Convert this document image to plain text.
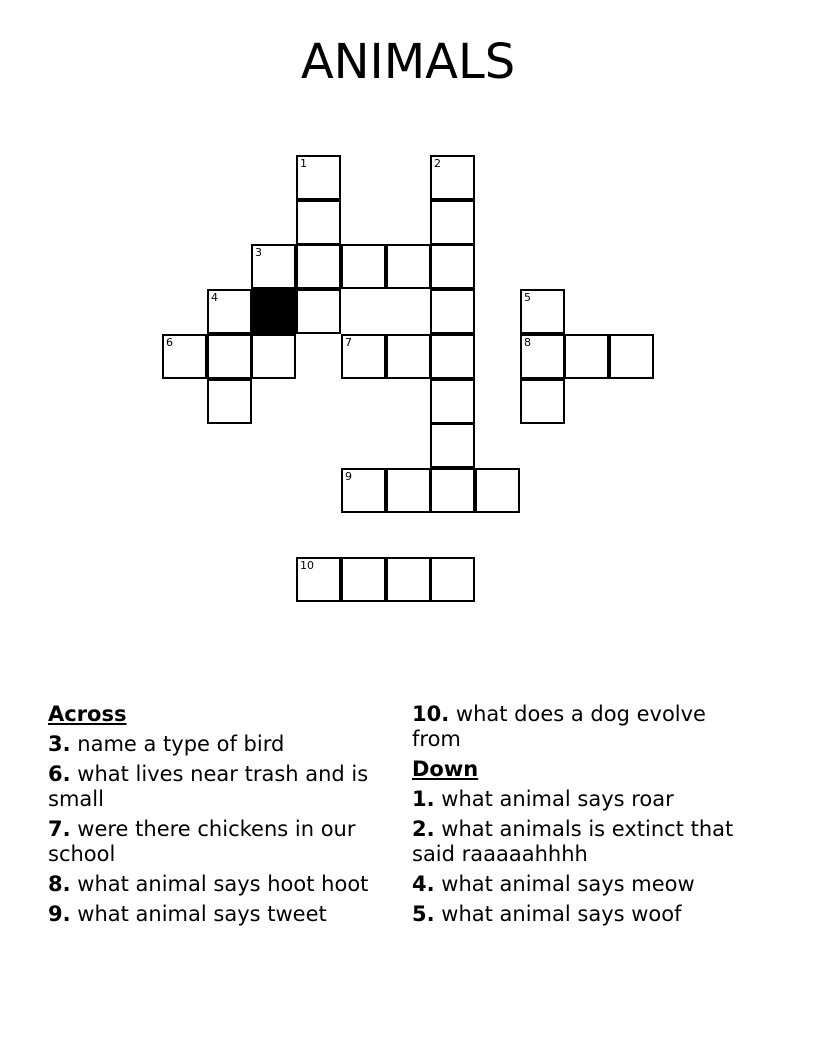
ANIMALS
1	2
3
4	5
6	7	8
9
10
Across
3. name a type of bird
6. what lives near trash and is small
7. were there chickens in our school
8. what animal says hoot hoot
9. what animal says tweet
10. what does a dog evolve from
Down
1. what animal says roar
2. what animals is extinct that said raaaaahhhh
4. what animal says meow
5. what animal says woof
